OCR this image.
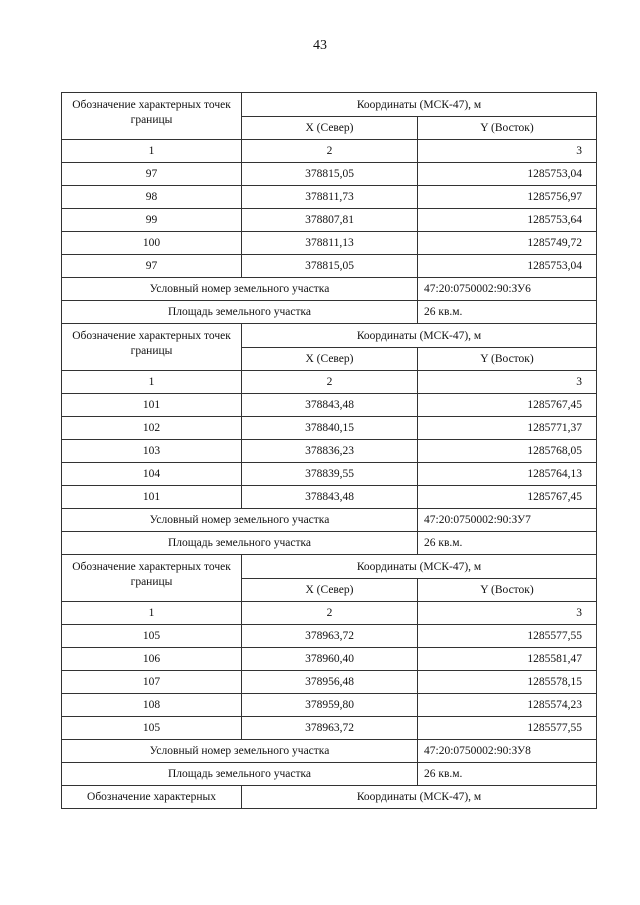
43
Обозначение характерных точек границы	Координаты (МСК-47), м	
	X (Север)	Y (Восток)
1	2	3
97	378815,05	1285753,04
98	378811,73	1285756,97
99	378807,81	1285753,64
100	378811,13	1285749,72
97	378815,05	1285753,04
Условный номер земельного участка		47:20:0750002:90:ЗУ6
Площадь земельного участка		26 кв.м.
Обозначение характерных точек границы	Координаты (МСК-47), м	
	X (Север)	Y (Восток)
1	2	3
101	378843,48	1285767,45
102	378840,15	1285771,37
103	378836,23	1285768,05
104	378839,55	1285764,13
101	378843,48	1285767,45
Условный номер земельного участка		47:20:0750002:90:ЗУ7
Площадь земельного участка		26 кв.м.
Обозначение характерных точек границы	Координаты (МСК-47), м	
	X (Север)	Y (Восток)
1	2	3
105	378963,72	1285577,55
106	378960,40	1285581,47
107	378956,48	1285578,15
108	378959,80	1285574,23
105	378963,72	1285577,55
Условный номер земельного участка		47:20:0750002:90:ЗУ8
Площадь земельного участка		26 кв.м.
Обозначение характерных	Координаты (МСК-47), м	
